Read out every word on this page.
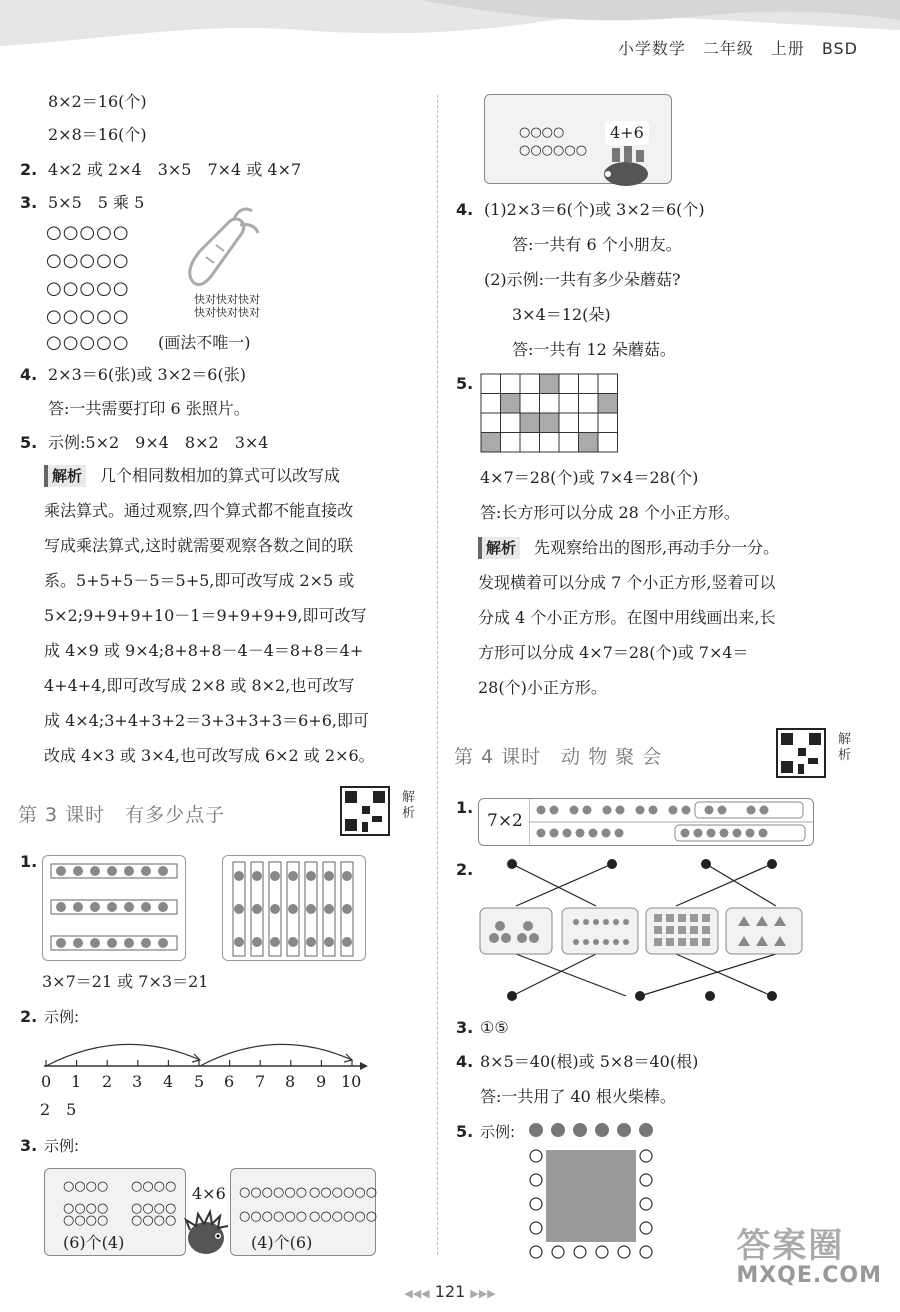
小学数学　二年级　上册　BSD
8×2＝16(个)
2×8＝16(个)
2. 4×2 或 2×4　3×5　7×4 或 4×7
3. 5×5　5 乘 5
○○○○○
○○○○○
○○○○○
○○○○○
○○○○○ (画法不唯一)
快对快对快对
快对快对快对
4. 2×3＝6(张)或 3×2＝6(张)
答:一共需要打印 6 张照片。
5. 示例:5×2　9×4　8×2　3×4
解析 几个相同数相加的算式可以改写成
乘法算式。通过观察,四个算式都不能直接改
写成乘法算式,这时就需要观察各数之间的联
系。5+5+5－5＝5+5,即可改写成 2×5 或
5×2;9+9+9+10－1＝9+9+9+9,即可改写
成 4×9 或 9×4;8+8+8－4－4＝8+8＝4+
4+4+4,即可改写成 2×8 或 8×2,也可改写
成 4×4;3+4+3+2＝3+3+3+3＝6+6,即可
改成 4×3 或 3×4,也可改写成 6×2 或 2×6。
第 3 课时　有多少点子
解析
1.
3×7＝21 或 7×3＝21
2. 示例:
0 1 2 3 4 5 6 7 8 9 10
2　5
3. 示例:
○○○○ ○○○○
○○○○ ○○○○
○○○○ ○○○○
(6)个(4)
4×6	○○○○○○ ○○○○○○
○○○○○○ ○○○○○○
(4)个(6)
○○○○
○○○○○○
4+6
4. (1)2×3＝6(个)或 3×2＝6(个)
答:一共有 6 个小朋友。
(2)示例:一共有多少朵蘑菇?
3×4＝12(朵)
答:一共有 12 朵蘑菇。
5.
4×7＝28(个)或 7×4＝28(个)
答:长方形可以分成 28 个小正方形。
解析 先观察给出的图形,再动手分一分。
发现横着可以分成 7 个小正方形,竖着可以
分成 4 个小正方形。在图中用线画出来,长
方形可以分成 4×7＝28(个)或 7×4＝
28(个)小正方形。
第 4 课时　动 物 聚 会
解析
1.
7×2
2.
3. ①⑤
4. 8×5＝40(根)或 5×8＝40(根)
答:一共用了 40 根火柴棒。
5. 示例:
◀◀◀ 121 ▶▶▶
答案圈
MXQE.COM
